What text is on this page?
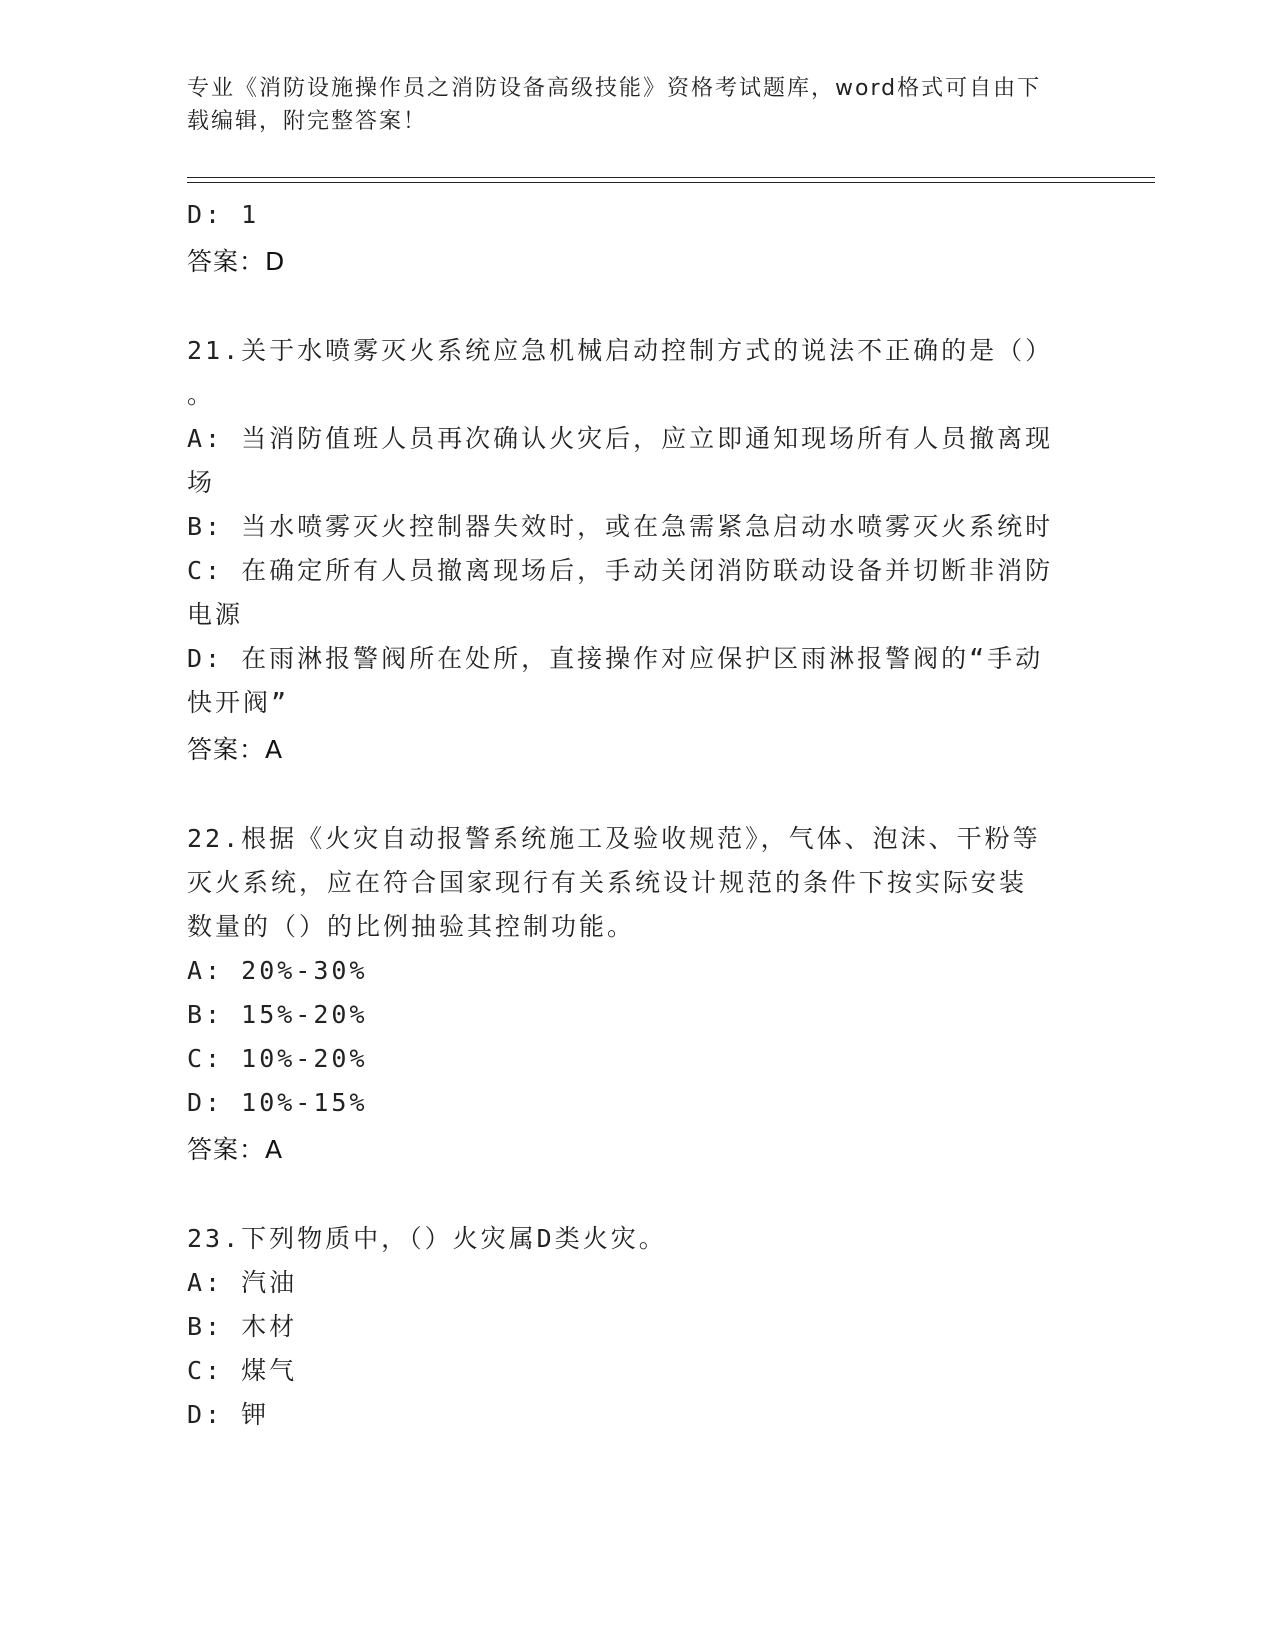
专业《消防设施操作员之消防设备高级技能》资格考试题库，word格式可自由下
载编辑，附完整答案！
D: 1
答案：D
21.关于水喷雾灭火系统应急机械启动控制方式的说法不正确的是（）
。
A: 当消防值班人员再次确认火灾后，应立即通知现场所有人员撤离现
场
B: 当水喷雾灭火控制器失效时，或在急需紧急启动水喷雾灭火系统时
C: 在确定所有人员撤离现场后，手动关闭消防联动设备并切断非消防
电源
D: 在雨淋报警阀所在处所，直接操作对应保护区雨淋报警阀的“手动
快开阀”
答案：A
22.根据《火灾自动报警系统施工及验收规范》，气体、泡沫、干粉等
灭火系统，应在符合国家现行有关系统设计规范的条件下按实际安装
数量的（）的比例抽验其控制功能。
A: 20%-30%
B: 15%-20%
C: 10%-20%
D: 10%-15%
答案：A
23.下列物质中，（）火灾属D类火灾。
A: 汽油
B: 木材
C: 煤气
D: 钾
